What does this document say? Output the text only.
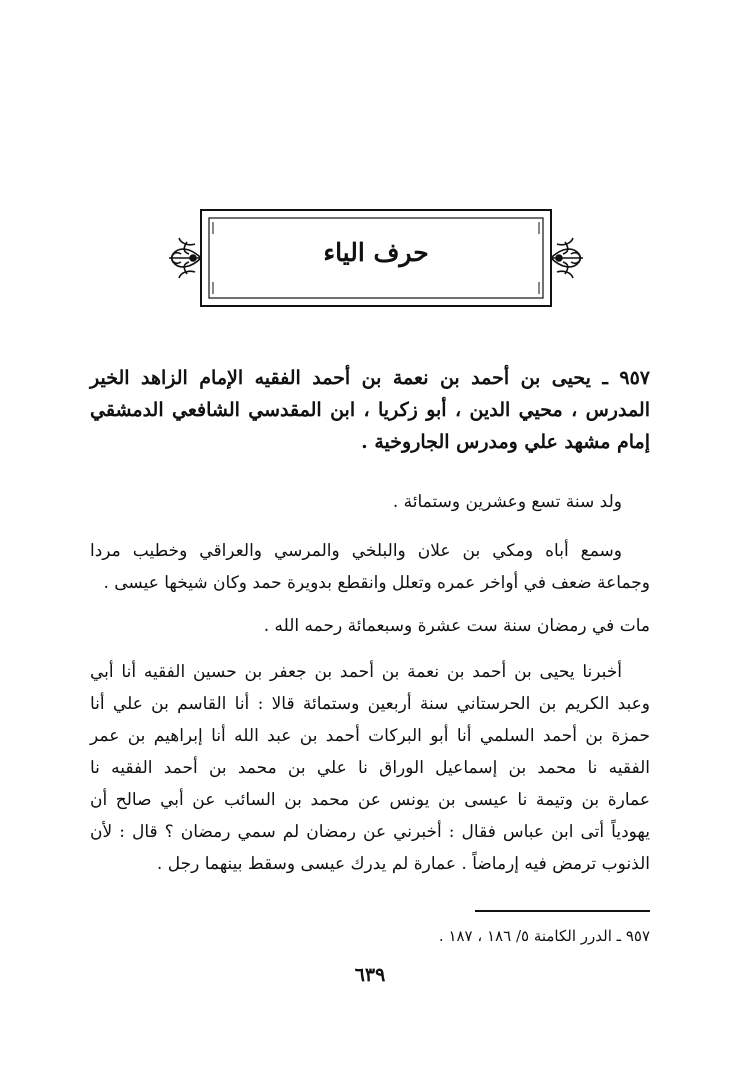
حرف الياء
٩٥٧ ـ يحيى بن أحمد بن نعمة بن أحمد الفقيه الإمام الزاهد الخير
المدرس ، محيي الدين ، أبو زكريا ، ابن المقدسي الشافعي الدمشقي
إمام مشهد علي ومدرس الجاروخية .
ولد سنة تسع وعشرين وستمائة .
وسمع أباه ومكي بن علان والبلخي والمرسي والعراقي وخطيب مردا
وجماعة ضعف في أواخر عمره وتعلل وانقطع بدويرة حمد وكان شيخها عيسى .
مات في رمضان سنة ست عشرة وسبعمائة رحمه الله .
أخبرنا يحيى بن أحمد بن نعمة بن أحمد بن جعفر بن حسين الفقيه أنا أبي
وعبد الكريم بن الحرستاني سنة أربعين وستمائة قالا : أنا القاسم بن علي أنا
حمزة بن أحمد السلمي أنا أبو البركات أحمد بن عبد الله أنا إبراهيم بن عمر
الفقيه نا محمد بن إسماعيل الوراق نا علي بن محمد بن أحمد الفقيه نا
عمارة بن وتيمة نا عيسى بن يونس عن محمد بن السائب عن أبي صالح أن
يهودياً أتى ابن عباس فقال : أخبرني عن رمضان لم سمي رمضان ؟ قال : لأن
الذنوب ترمض فيه إرماضاً . عمارة لم يدرك عيسى وسقط بينهما رجل .
٩٥٧ ـ الدرر الكامنة ٥/ ١٨٦ ، ١٨٧ .
٦٣٩
